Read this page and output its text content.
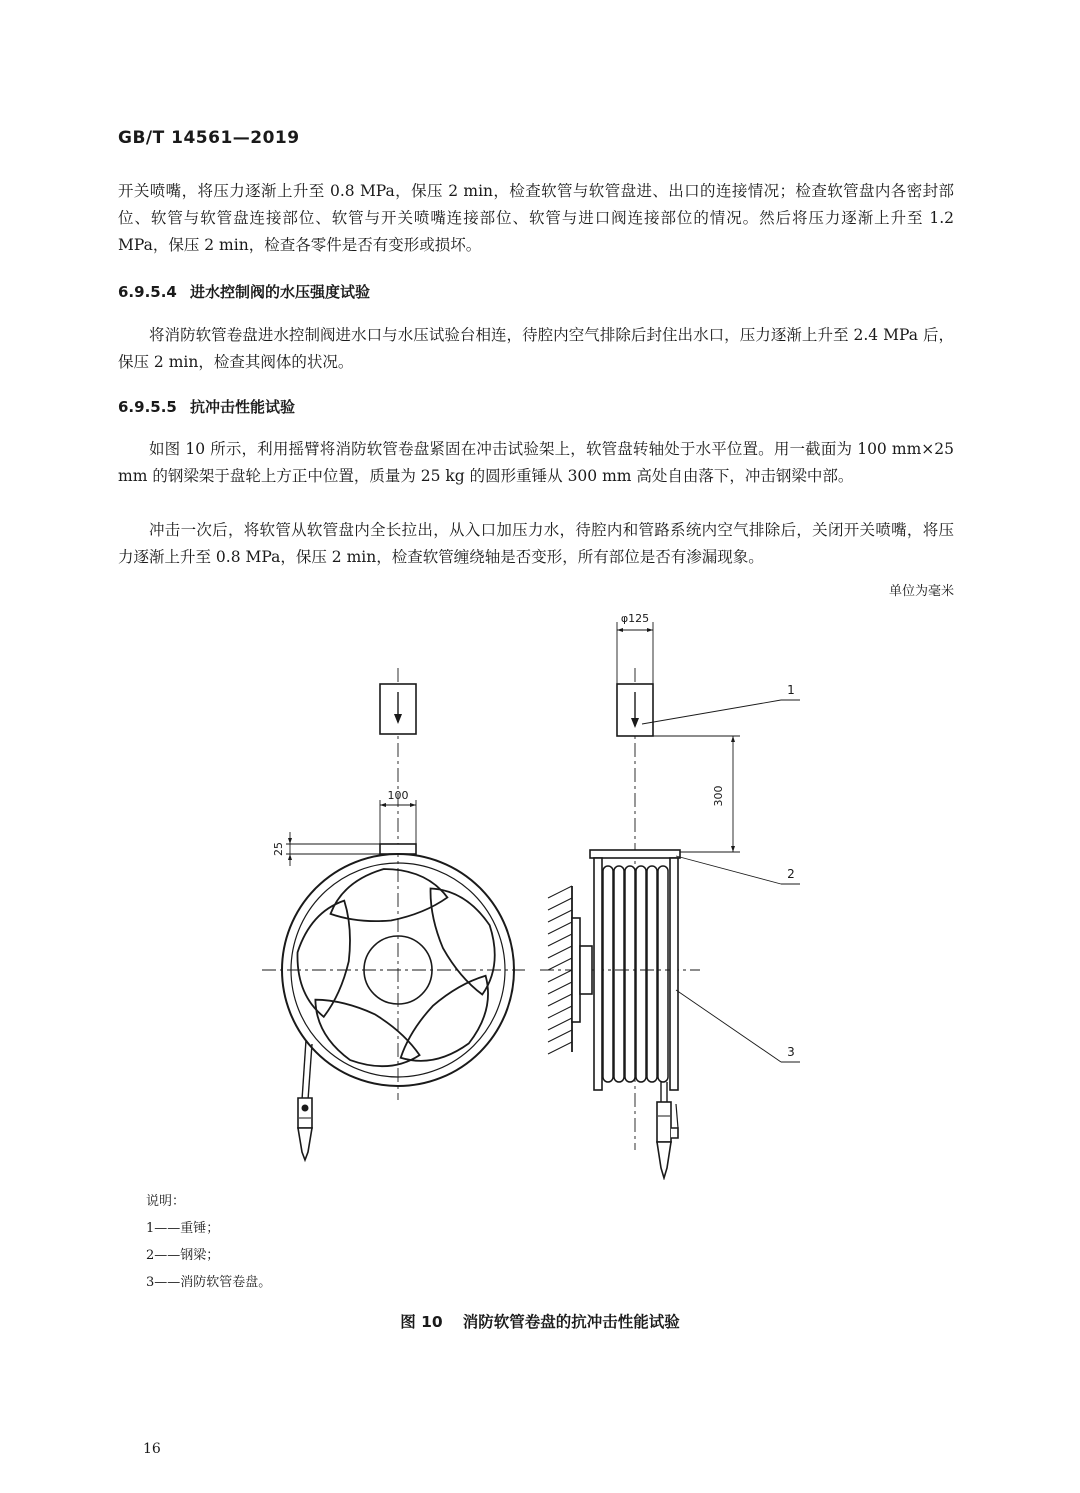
GB/T 14561—2019

开关喷嘴，将压力逐渐上升至 0.8 MPa，保压 2 min，检查软管与软管盘进、出口的连接情况；检查软管盘内各密封部位、软管与软管盘连接部位、软管与开关喷嘴连接部位、软管与进口阀连接部位的情况。然后将压力逐渐上升至 1.2 MPa，保压 2 min，检查各零件是否有变形或损坏。

6.9.5.4 进水控制阀的水压强度试验

将消防软管卷盘进水控制阀进水口与水压试验台相连，待腔内空气排除后封住出水口，压力逐渐上升至 2.4 MPa 后，保压 2 min，检查其阀体的状况。

6.9.5.5 抗冲击性能试验

如图 10 所示，利用摇臂将消防软管卷盘紧固在冲击试验架上，软管盘转轴处于水平位置。用一截面为 100 mm×25 mm 的钢梁架于盘轮上方正中位置，质量为 25 kg 的圆形重锤从 300 mm 高处自由落下，冲击钢梁中部。

冲击一次后，将软管从软管盘内全长拉出，从入口加压力水，待腔内和管路系统内空气排除后，关闭开关喷嘴，将压力逐渐上升至 0.8 MPa，保压 2 min，检查软管缠绕轴是否变形，所有部位是否有渗漏现象。

单位为毫米
φ125
100
25
300
1
2
3
说明：
1——重锤；
2——钢梁；
3——消防软管卷盘。
图 10 消防软管卷盘的抗冲击性能试验
16
